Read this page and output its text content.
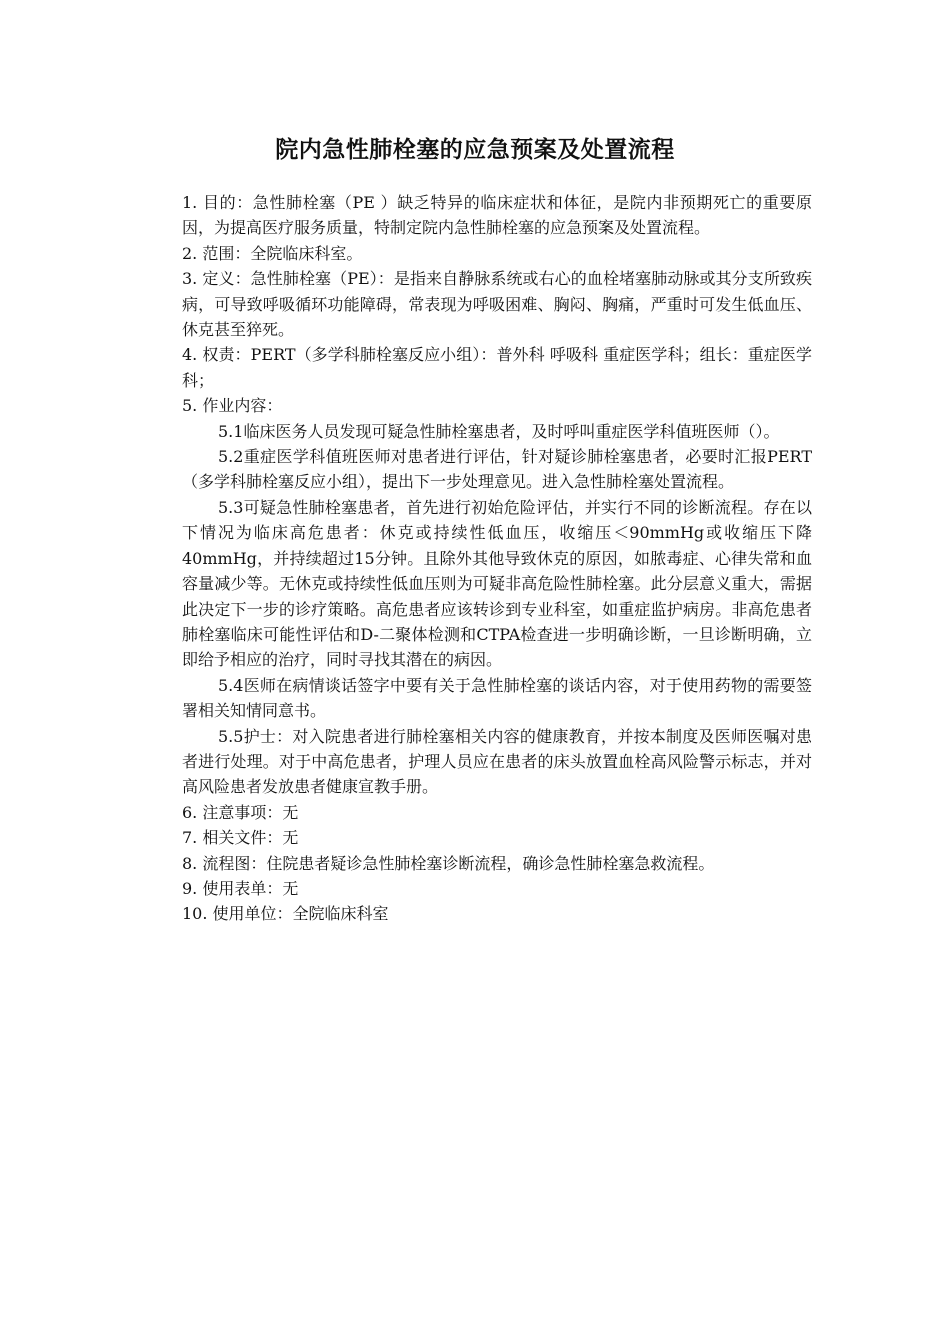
院内急性肺栓塞的应急预案及处置流程

1. 目的：急性肺栓塞（PE ）缺乏特异的临床症状和体征，是院内非预期死亡的重要原因，为提高医疗服务质量，特制定院内急性肺栓塞的应急预案及处置流程。

2. 范围：全院临床科室。

3. 定义：急性肺栓塞（PE）：是指来自静脉系统或右心的血栓堵塞肺动脉或其分支所致疾病，可导致呼吸循环功能障碍，常表现为呼吸困难、胸闷、胸痛，严重时可发生低血压、休克甚至猝死。

4. 权责：PERT（多学科肺栓塞反应小组）：普外科 呼吸科 重症医学科；组长：重症医学科；

5. 作业内容：

5.1临床医务人员发现可疑急性肺栓塞患者，及时呼叫重症医学科值班医师（）。

5.2重症医学科值班医师对患者进行评估，针对疑诊肺栓塞患者，必要时汇报PERT（多学科肺栓塞反应小组），提出下一步处理意见。进入急性肺栓塞处置流程。

5.3可疑急性肺栓塞患者，首先进行初始危险评估，并实行不同的诊断流程。存在以下情况为临床高危患者：休克或持续性低血压，收缩压＜90mmHg或收缩压下降40mmHg，并持续超过15分钟。且除外其他导致休克的原因，如脓毒症、心律失常和血容量减少等。无休克或持续性低血压则为可疑非高危险性肺栓塞。此分层意义重大，需据此决定下一步的诊疗策略。高危患者应该转诊到专业科室，如重症监护病房。非高危患者肺栓塞临床可能性评估和D-二聚体检测和CTPA检查进一步明确诊断，一旦诊断明确，立即给予相应的治疗，同时寻找其潜在的病因。

5.4医师在病情谈话签字中要有关于急性肺栓塞的谈话内容，对于使用药物的需要签署相关知情同意书。

5.5护士：对入院患者进行肺栓塞相关内容的健康教育，并按本制度及医师医嘱对患者进行处理。对于中高危患者，护理人员应在患者的床头放置血栓高风险警示标志，并对高风险患者发放患者健康宣教手册。

6. 注意事项：无

7. 相关文件：无

8. 流程图：住院患者疑诊急性肺栓塞诊断流程，确诊急性肺栓塞急救流程。

9. 使用表单：无

10. 使用单位：全院临床科室
